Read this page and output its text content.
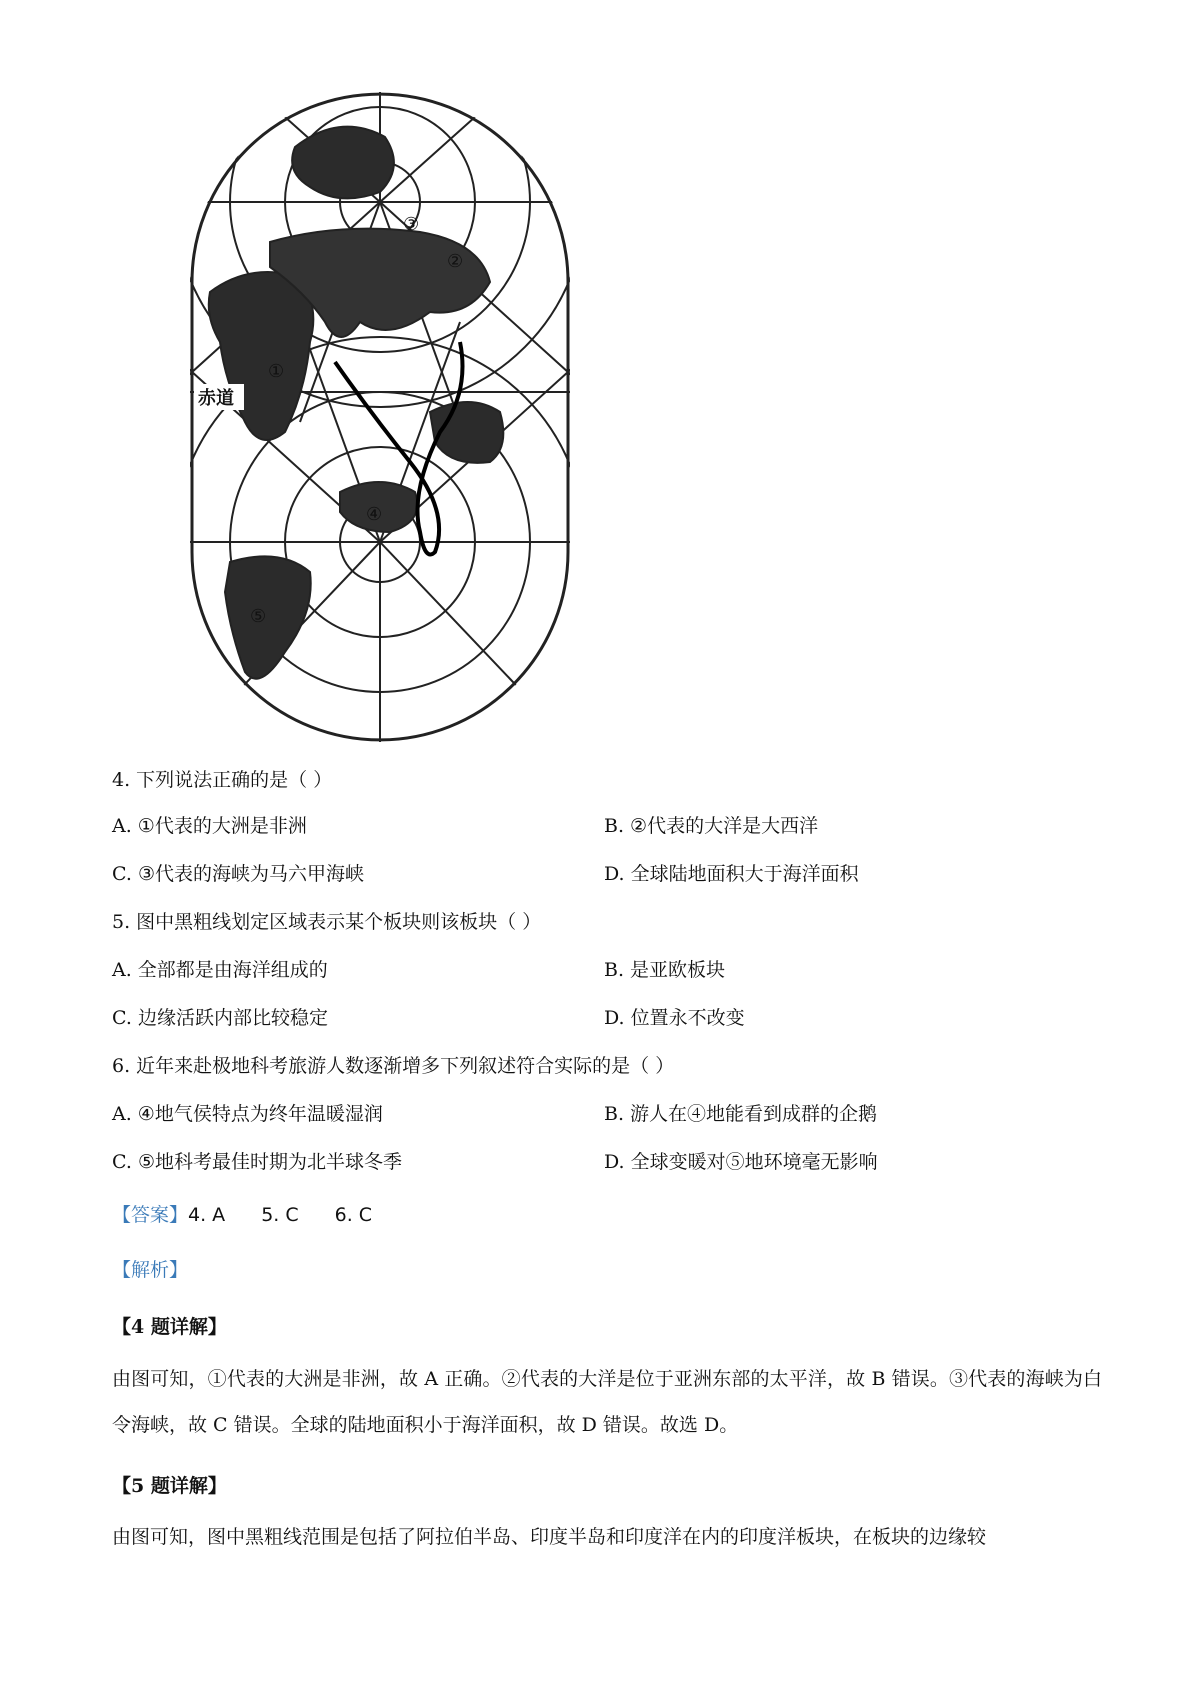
赤道
①
②
③
④
⑤
4. 下列说法正确的是（ ）
A. ①代表的大洲是非洲	B. ②代表的大洋是大西洋
C. ③代表的海峡为马六甲海峡	D. 全球陆地面积大于海洋面积
5. 图中黑粗线划定区域表示某个板块则该板块（ ）
A. 全部都是由海洋组成的	B. 是亚欧板块
C. 边缘活跃内部比较稳定	D. 位置永不改变
6. 近年来赴极地科考旅游人数逐渐增多下列叙述符合实际的是（ ）
A. ④地气侯特点为终年温暖湿润	B. 游人在④地能看到成群的企鹅
C. ⑤地科考最佳时期为北半球冬季	D. 全球变暖对⑤地环境毫无影响
【答案】4. A 5. C 6. C
【解析】
【4 题详解】
由图可知，①代表的大洲是非洲，故 A 正确。②代表的大洋是位于亚洲东部的太平洋，故 B 错误。③代表的海峡为白令海峡，故 C 错误。全球的陆地面积小于海洋面积，故 D 错误。故选 D。
【5 题详解】
由图可知，图中黑粗线范围是包括了阿拉伯半岛、印度半岛和印度洋在内的印度洋板块，在板块的边缘较
